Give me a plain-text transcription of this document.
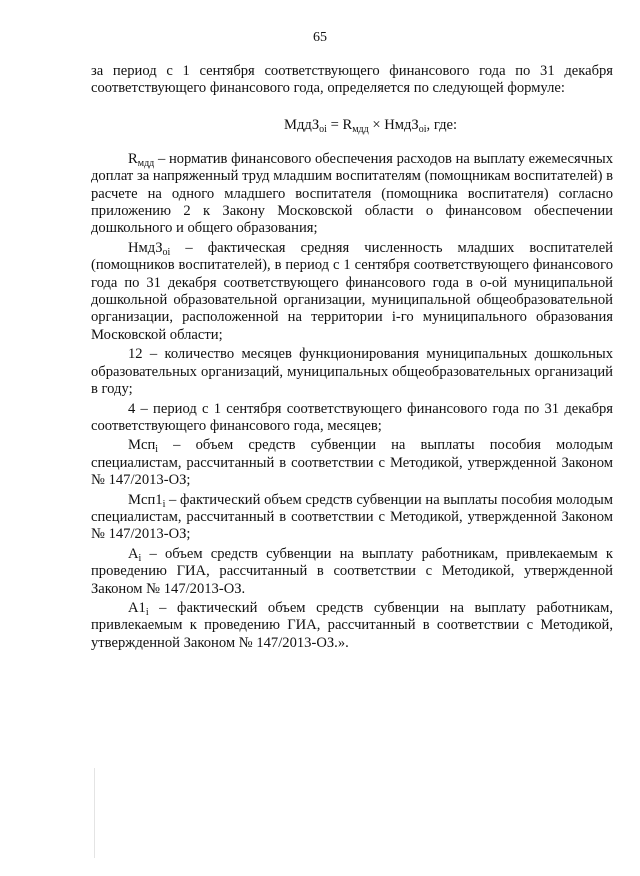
65

за период с 1 сентября соответствующего финансового года по 31 декабря соответствующего финансового года, определяется по следующей формуле:

МддЗ$_{oi}$ = $R_{мдд}$ × НмдЗ$_{oi}$, где:

$R_{мдд}$ – норматив финансового обеспечения расходов на выплату ежемесячных доплат за напряженный труд младшим воспитателям (помощникам воспитателей) в расчете на одного младшего воспитателя (помощника воспитателя) согласно приложению 2 к Закону Московской области о финансовом обеспечении дошкольного и общего образования;

НмдЗ$_{oi}$ – фактическая средняя численность младших воспитателей (помощников воспитателей), в период с 1 сентября соответствующего финансового года по 31 декабря соответствующего финансового года в о-ой муниципальной дошкольной образовательной организации, муниципальной общеобразовательной организации, расположенной на территории i-го муниципального образования Московской области;

12 – количество месяцев функционирования муниципальных дошкольных образовательных организаций, муниципальных общеобразовательных организаций в году;

4 – период с 1 сентября соответствующего финансового года по 31 декабря соответствующего финансового года, месяцев;

Мсп$_i$ – объем средств субвенции на выплаты пособия молодым специалистам, рассчитанный в соответствии с Методикой, утвержденной Законом № 147/2013-ОЗ;

$Мсп1_i$ – фактический объем средств субвенции на выплаты пособия молодым специалистам, рассчитанный в соответствии с Методикой, утвержденной Законом № 147/2013-ОЗ;

$А_i$ – объем средств субвенции на выплату работникам, привлекаемым к проведению ГИА, рассчитанный в соответствии с Методикой, утвержденной Законом № 147/2013-ОЗ.

$А1_i$ – фактический объем средств субвенции на выплату работникам, привлекаемым к проведению ГИА, рассчитанный в соответствии с Методикой, утвержденной Законом № 147/2013-ОЗ.».
